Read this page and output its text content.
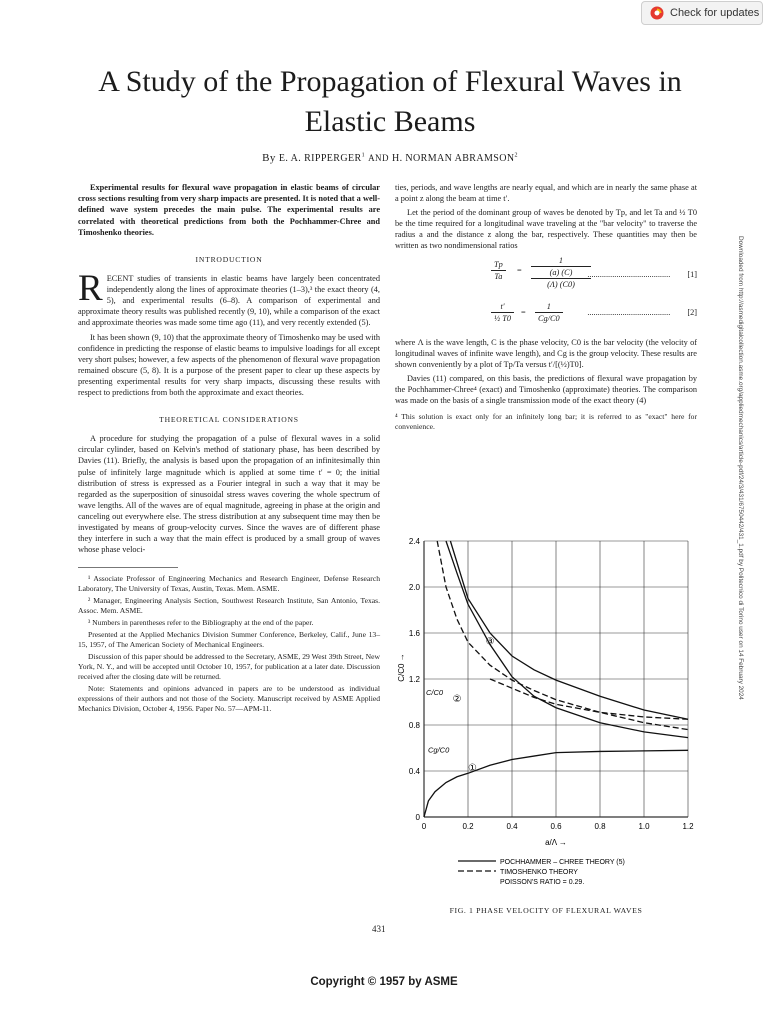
Check for updates
A Study of the Propagation of Flexural Waves in Elastic Beams
By E. A. RIPPERGER$^1$ AND H. NORMAN ABRAMSON$^2$

Experimental results for flexural wave propagation in elastic beams of circular cross sections resulting from very sharp impacts are presented. It is noted that a well-defined wave system precedes the main pulse. The experimental results are correlated with theoretical predictions from both the Pochhammer-Chree and Timoshenko theories.

INTRODUCTION

RECENT studies of transients in elastic beams have largely been concentrated independently along the lines of approximate theories (1–3),³ the exact theory (4, 5), and experimental results (6–8). A comparison of experimental and approximate theory results was published recently (9, 10), while a comparison of the exact and approximate theories was made some time ago (11), and very recently extended (5).

It has been shown (9, 10) that the approximate theory of Timoshenko may be used with confidence in predicting the response of elastic beams to impulsive loadings for all except very short pulses; however, a few aspects of the phenomenon of flexural wave propagation remained obscure (5, 8). It is a purpose of the present paper to clear up these aspects by presenting experimental results for very sharp impacts, discussing these results with respect to predictions from both the approximate and exact theories.

THEORETICAL CONSIDERATIONS

A procedure for studying the propagation of a pulse of flexural waves in a solid circular cylinder, based on Kelvin's method of stationary phase, has been described by Davies (11). Briefly, the analysis is based upon the propagation of an infinitesimally thin pulse of infinitely large magnitude which is applied at some time t′ = 0; the initial distribution of stress is expressed as a Fourier integral in such a way that it may be regarded as the superposition of sinusoidal stress waves covering the whole spectrum of wave lengths. All of the waves are of equal magnitude, agreeing in phase at the origin and canceling out everywhere else. The stress distribution at any subsequent time may then be investigated by means of group-velocity curves. Since the waves are of different phase they interfere in such a way that the main effect is produced by a small group of waves whose phase veloci-

¹ Associate Professor of Engineering Mechanics and Research Engineer, Defense Research Laboratory, The University of Texas, Austin, Texas. Mem. ASME.

² Manager, Engineering Analysis Section, Southwest Research Institute, San Antonio, Texas. Assoc. Mem. ASME.

³ Numbers in parentheses refer to the Bibliography at the end of the paper.

Presented at the Applied Mechanics Division Summer Conference, Berkeley, Calif., June 13–15, 1957, of The American Society of Mechanical Engineers.

Discussion of this paper should be addressed to the Secretary, ASME, 29 West 39th Street, New York, N. Y., and will be accepted until October 10, 1957, for publication at a later date. Discussion received after the closing date will be returned.

Note: Statements and opinions advanced in papers are to be understood as individual expressions of their authors and not those of the Society. Manuscript received by ASME Applied Mechanics Division, October 4, 1956. Paper No. 57—APM-11.

ties, periods, and wave lengths are nearly equal, and which are in nearly the same phase at a point z along the beam at time t′.

Let the period of the dominant group of waves be denoted by Tp, and let Ta and ½ T0 be the time required for a longitudinal wave traveling at the "bar velocity" to traverse the radius a and the distance z along the bar, respectively. These quantities may then be written as two nondimensional ratios

$\frac{Tp}{Ta}$ =
1
(a) (C)
(Λ) (C0)
........................................ [1]
$\frac{t'}{\text{½ T0}} = \frac{1}{Cg/C0}$	........................................ [2]

where Λ is the wave length, C is the phase velocity, C0 is the bar velocity (the velocity of longitudinal waves of infinite wave length), and Cg is the group velocity. These results are shown conveniently by a plot of Tp/Ta versus t′/[(½)T0].

Davies (11) compared, on this basis, the predictions of flexural wave propagation by the Pochhammer-Chree⁴ (exact) and Timoshenko (approximate) theories. The comparison was made on the basis of a single transmission mode of the exact theory (4)

⁴ This solution is exact only for an infinitely long bar; it is referred to as "exact" here for convenience.
0	0.2	0.4	0.6	0.8	1.0	1.2
0
0.4
0.8
1.2
1.6
2.0
2.4
Cg/C0
C/C0
①
②
③
C/C0 →
a/Λ →
POCHHAMMER – CHREE THEORY (5)
TIMOSHENKO THEORY
POISSON'S RATIO = 0.29.
FIG. 1 PHASE VELOCITY OF FLEXURAL WAVES
Downloaded from http://asmedigitalcollection.asme.org/appliedmechanics/article-pdf/24/3/431/6750442/431_1.pdf by Politecnico di Torino user on 14 February 2024
431
Copyright © 1957 by ASME
